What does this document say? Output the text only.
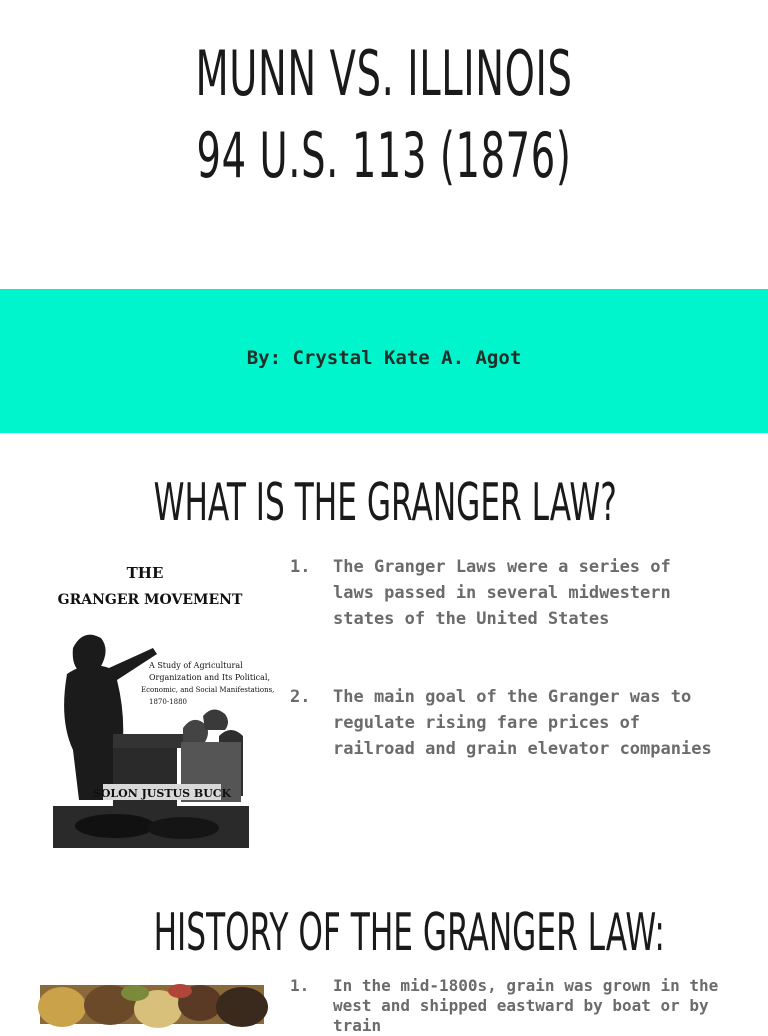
MUNN VS. ILLINOIS
94 U.S. 113 (1876)
By: Crystal Kate A. Agot
WHAT IS THE GRANGER LAW?
THE
GRANGER MOVEMENT
A Study of Agricultural
Organization and Its Political,
Economic, and Social Manifestations,
1870-1880
SOLON JUSTUS BUCK
1. The Granger Laws were a series of laws passed in several midwestern states of the United States
2. The main goal of the Granger was to regulate rising fare prices of railroad and grain elevator companies
HISTORY OF THE GRANGER LAW:
1. In the mid-1800s, grain was grown in the west and shipped eastward by boat or by train
